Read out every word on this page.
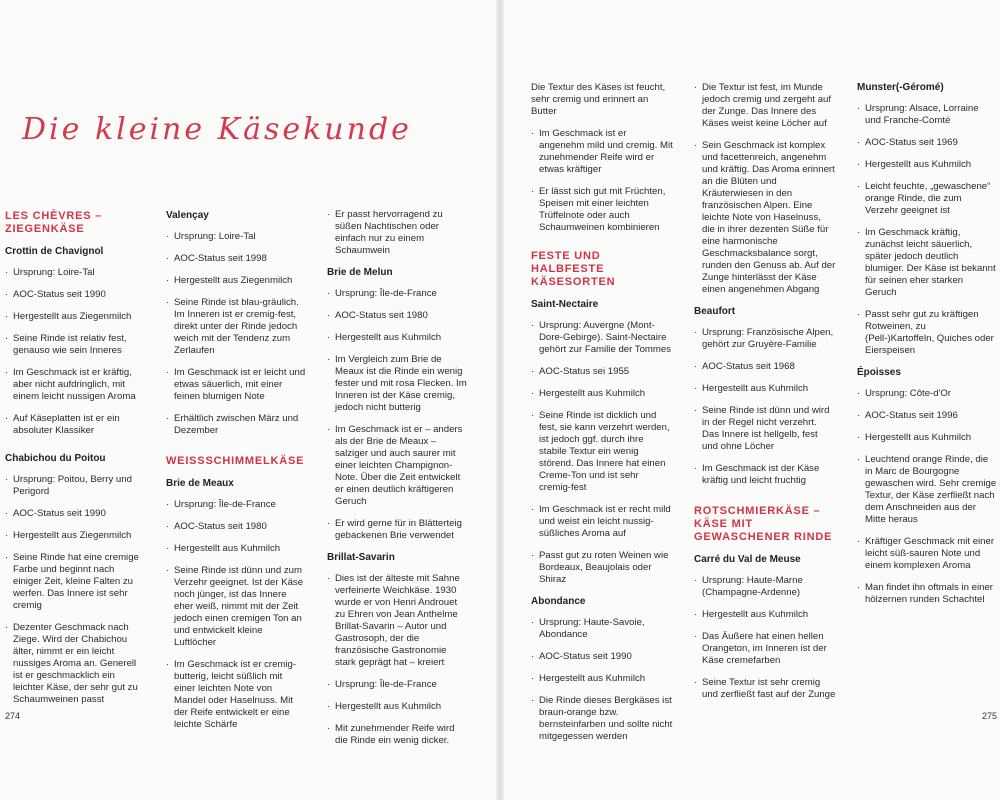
Die kleine Käsekunde
LES CHÈVRES – ZIEGENKÄSE
Crottin de Chavignol
· Ursprung: Loire-Tal
· AOC-Status seit 1990
· Hergestellt aus Ziegenmilch
· Seine Rinde ist relativ fest, genauso wie sein Inneres
· Im Geschmack ist er kräftig, aber nicht aufdringlich, mit einem leicht nussigen Aroma
· Auf Käseplatten ist er ein absoluter Klassiker
Chabichou du Poitou
· Ursprung: Poitou, Berry und Perigord
· AOC-Status seit 1990
· Hergestellt aus Ziegenmilch
· Seine Rinde hat eine cremige Farbe und beginnt nach einiger Zeit, kleine Falten zu werfen. Das Innere ist sehr cremig
· Dezenter Geschmack nach Ziege. Wird der Chabichou älter, nimmt er ein leicht nussiges Aroma an. Generell ist er geschmacklich ein leichter Käse, der sehr gut zu Schaumweinen passt
Valençay
· Ursprung: Loire-Tal
· AOC-Status seit 1998
· Hergestellt aus Ziegenmilch
· Seine Rinde ist blau-gräulich. Im Inneren ist er cremig-fest, direkt unter der Rinde jedoch weich mit der Tendenz zum Zerlaufen
· Im Geschmack ist er leicht und etwas säuerlich, mit einer feinen blumigen Note
· Erhältlich zwischen März und Dezember
WEISSSCHIMMELKÄSE
Brie de Meaux
· Ursprung: Île-de-France
· AOC-Status seit 1980
· Hergestellt aus Kuhmilch
· Seine Rinde ist dünn und zum Verzehr geeignet. Ist der Käse noch jünger, ist das Innere eher weiß, nimmt mit der Zeit jedoch einen cremigen Ton an und entwickelt kleine Luftlöcher
· Im Geschmack ist er cremig-butterig, leicht süßlich mit einer leichten Note von Mandel oder Haselnuss. Mit der Reife entwickelt er eine leichte Schärfe
· Er passt hervorragend zu süßen Nachtischen oder einfach nur zu einem Schaumwein
Brie de Melun
· Ursprung: Île-de-France
· AOC-Status seit 1980
· Hergestellt aus Kuhmilch
· Im Vergleich zum Brie de Meaux ist die Rinde ein wenig fester und mit rosa Flecken. Im Inneren ist der Käse cremig, jedoch nicht butterig
· Im Geschmack ist er – anders als der Brie de Meaux – salziger und auch saurer mit einer leichten Champignon-Note. Über die Zeit entwickelt er einen deutlich kräftigeren Geruch
· Er wird gerne für in Blätterteig gebackenen Brie verwendet
Brillat-Savarin
· Dies ist der älteste mit Sahne verfeinerte Weichkäse. 1930 wurde er von Henri Androuet zu Ehren von Jean Anthelme Brillat-Savarin – Autor und Gastrosoph, der die französische Gastronomie stark geprägt hat – kreiert
· Ursprung: Île-de-France
· Hergestellt aus Kuhmilch
· Mit zunehmender Reife wird die Rinde ein wenig dicker.
Die Textur des Käses ist feucht, sehr cremig und erinnert an Butter
· Im Geschmack ist er angenehm mild und cremig. Mit zunehmender Reife wird er etwas kräftiger
· Er lässt sich gut mit Früchten, Speisen mit einer leichten Trüffelnote oder auch Schaumweinen kombinieren
FESTE UND HALBFESTE KÄSESORTEN
Saint-Nectaire
· Ursprung: Auvergne (Mont-Dore-Gebirge). Saint-Nectaire gehört zur Familie der Tommes
· AOC-Status sei 1955
· Hergestellt aus Kuhmilch
· Seine Rinde ist dicklich und fest, sie kann verzehrt werden, ist jedoch ggf. durch ihre stabile Textur ein wenig störend. Das Innere hat einen Creme-Ton und ist sehr cremig-fest
· Im Geschmack ist er recht mild und weist ein leicht nussig-süßliches Aroma auf
· Passt gut zu roten Weinen wie Bordeaux, Beaujolais oder Shiraz
Abondance
· Ursprung: Haute-Savoie, Abondance
· AOC-Status seit 1990
· Hergestellt aus Kuhmilch
· Die Rinde dieses Bergkäses ist braun-orange bzw. bernsteinfarben und sollte nicht mitgegessen werden
· Die Textur ist fest, im Munde jedoch cremig und zergeht auf der Zunge. Das Innere des Käses weist keine Löcher auf
· Sein Geschmack ist komplex und facettenreich, angenehm und kräftig. Das Aroma erinnert an die Blüten und Kräuterwiesen in den französischen Alpen. Eine leichte Note von Haselnuss, die in ihrer dezenten Süße für eine harmonische Geschmacksbalance sorgt, runden den Genuss ab. Auf der Zunge hinterlässt der Käse einen angenehmen Abgang
Beaufort
· Ursprung: Französische Alpen, gehört zur Gruyère-Familie
· AOC-Status seit 1968
· Hergestellt aus Kuhmilch
· Seine Rinde ist dünn und wird in der Regel nicht verzehrt. Das Innere ist hellgelb, fest und ohne Löcher
· Im Geschmack ist der Käse kräftig und leicht fruchtig
ROTSCHMIERKÄSE – KÄSE MIT GEWASCHENER RINDE
Carré du Val de Meuse
· Ursprung: Haute-Marne (Champagne-Ardenne)
· Hergestellt aus Kuhmilch
· Das Äußere hat einen hellen Orangeton, im Inneren ist der Käse cremefarben
· Seine Textur ist sehr cremig und zerfließt fast auf der Zunge
Munster(-Géromé)
· Ursprung: Alsace, Lorraine und Franche-Comté
· AOC-Status seit 1969
· Hergestellt aus Kuhmilch
· Leicht feuchte, „gewaschene“ orange Rinde, die zum Verzehr geeignet ist
· Im Geschmack kräftig, zunächst leicht säuerlich, später jedoch deutlich blumiger. Der Käse ist bekannt für seinen eher starken Geruch
· Passt sehr gut zu kräftigen Rotweinen, zu (Pell-)Kartoffeln, Quiches oder Eierspeisen
Époisses
· Ursprung: Côte-d'Or
· AOC-Status seit 1996
· Hergestellt aus Kuhmilch
· Leuchtend orange Rinde, die in Marc de Bourgogne gewaschen wird. Sehr cremige Textur, der Käse zerfließt nach dem Anschneiden aus der Mitte heraus
· Kräftiger Geschmack mit einer leicht süß-sauren Note und einem komplexen Aroma
· Man findet ihn oftmals in einer hölzernen runden Schachtel
274	275
